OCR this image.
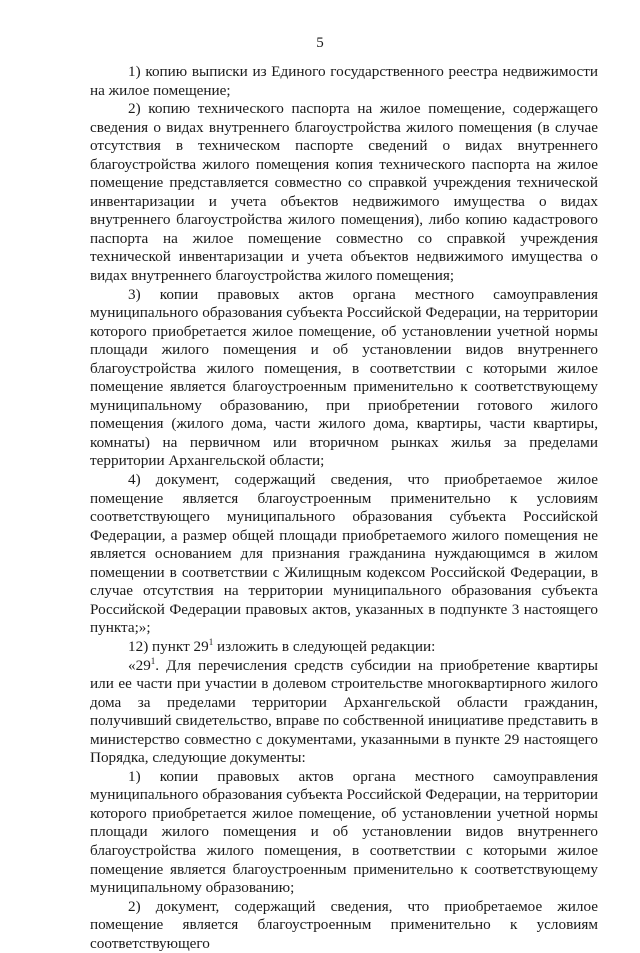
5

1) копию выписки из Единого государственного реестра недвижимости на жилое помещение;

2) копию технического паспорта на жилое помещение, содержащего сведения о видах внутреннего благоустройства жилого помещения (в случае отсутствия в техническом паспорте сведений о видах внутреннего благоустройства жилого помещения копия технического паспорта на жилое помещение представляется совместно со справкой учреждения технической инвентаризации и учета объектов недвижимого имущества о видах внутреннего благоустройства жилого помещения), либо копию кадастрового паспорта на жилое помещение совместно со справкой учреждения технической инвентаризации и учета объектов недвижимого имущества о видах внутреннего благоустройства жилого помещения;

3) копии правовых актов органа местного самоуправления муниципального образования субъекта Российской Федерации, на территории которого приобретается жилое помещение, об установлении учетной нормы площади жилого помещения и об установлении видов внутреннего благоустройства жилого помещения, в соответствии с которыми жилое помещение является благоустроенным применительно к соответствующему муниципальному образованию, при приобретении готового жилого помещения (жилого дома, части жилого дома, квартиры, части квартиры, комнаты) на первичном или вторичном рынках жилья за пределами территории Архангельской области;

4) документ, содержащий сведения, что приобретаемое жилое помещение является благоустроенным применительно к условиям соответствующего муниципального образования субъекта Российской Федерации, а размер общей площади приобретаемого жилого помещения не является основанием для признания гражданина нуждающимся в жилом помещении в соответствии с Жилищным кодексом Российской Федерации, в случае отсутствия на территории муниципального образования субъекта Российской Федерации правовых актов, указанных в подпункте 3 настоящего пункта;»;

12) пункт $29^1$ изложить в следующей редакции:

«$29^1$. Для перечисления средств субсидии на приобретение квартиры или ее части при участии в долевом строительстве многоквартирного жилого дома за пределами территории Архангельской области гражданин, получивший свидетельство, вправе по собственной инициативе представить в министерство совместно с документами, указанными в пункте 29 настоящего Порядка, следующие документы:

1) копии правовых актов органа местного самоуправления муниципального образования субъекта Российской Федерации, на территории которого приобретается жилое помещение, об установлении учетной нормы площади жилого помещения и об установлении видов внутреннего благоустройства жилого помещения, в соответствии с которыми жилое помещение является благоустроенным применительно к соответствующему муниципальному образованию;

2) документ, содержащий сведения, что приобретаемое жилое помещение является благоустроенным применительно к условиям соответствующего
